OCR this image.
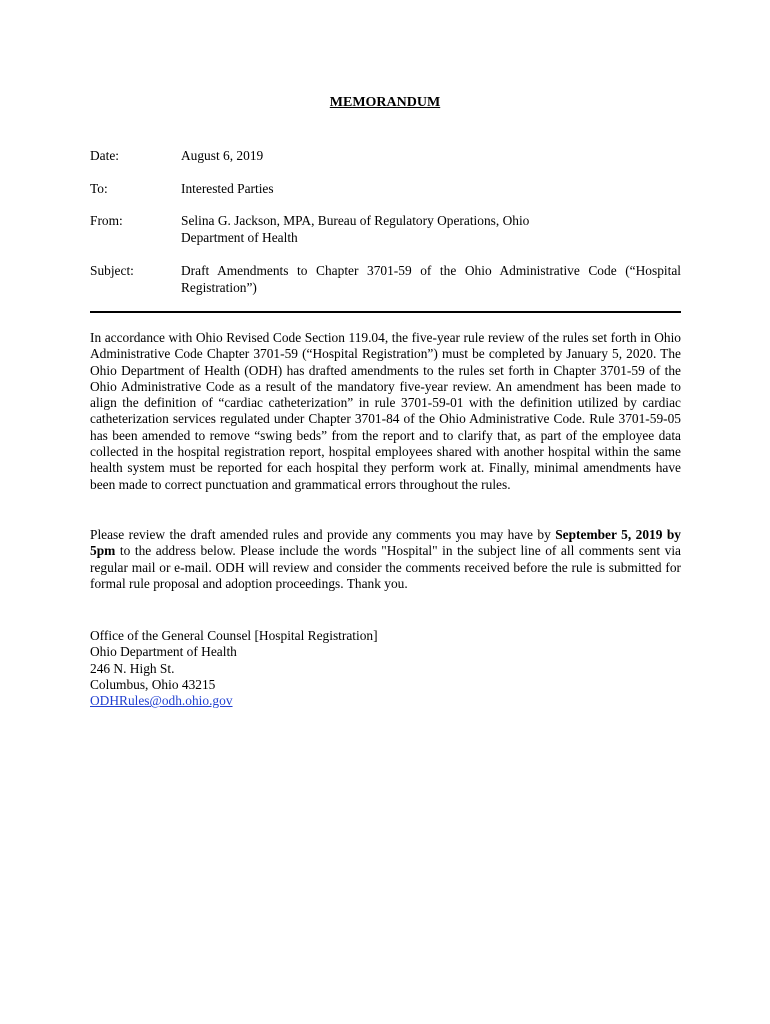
MEMORANDUM
Date:	August 6, 2019
To:	Interested Parties
From:	Selina G. Jackson, MPA, Bureau of Regulatory Operations, Ohio
Department of Health
Subject:	Draft Amendments to Chapter 3701-59 of the Ohio Administrative Code (“Hospital Registration”)

In accordance with Ohio Revised Code Section 119.04, the five-year rule review of the rules set forth in Ohio Administrative Code Chapter 3701-59 (“Hospital Registration”) must be completed by January 5, 2020. The Ohio Department of Health (ODH) has drafted amendments to the rules set forth in Chapter 3701-59 of the Ohio Administrative Code as a result of the mandatory five-year review. An amendment has been made to align the definition of “cardiac catheterization” in rule 3701-59-01 with the definition utilized by cardiac catheterization services regulated under Chapter 3701-84 of the Ohio Administrative Code. Rule 3701-59-05 has been amended to remove “swing beds” from the report and to clarify that, as part of the employee data collected in the hospital registration report, hospital employees shared with another hospital within the same health system must be reported for each hospital they perform work at. Finally, minimal amendments have been made to correct punctuation and grammatical errors throughout the rules.

Please review the draft amended rules and provide any comments you may have by September 5, 2019 by 5pm to the address below. Please include the words "Hospital" in the subject line of all comments sent via regular mail or e-mail. ODH will review and consider the comments received before the rule is submitted for formal rule proposal and adoption proceedings. Thank you.

Office of the General Counsel [Hospital Registration]
Ohio Department of Health
246 N. High St.
Columbus, Ohio 43215
ODHRules@odh.ohio.gov
